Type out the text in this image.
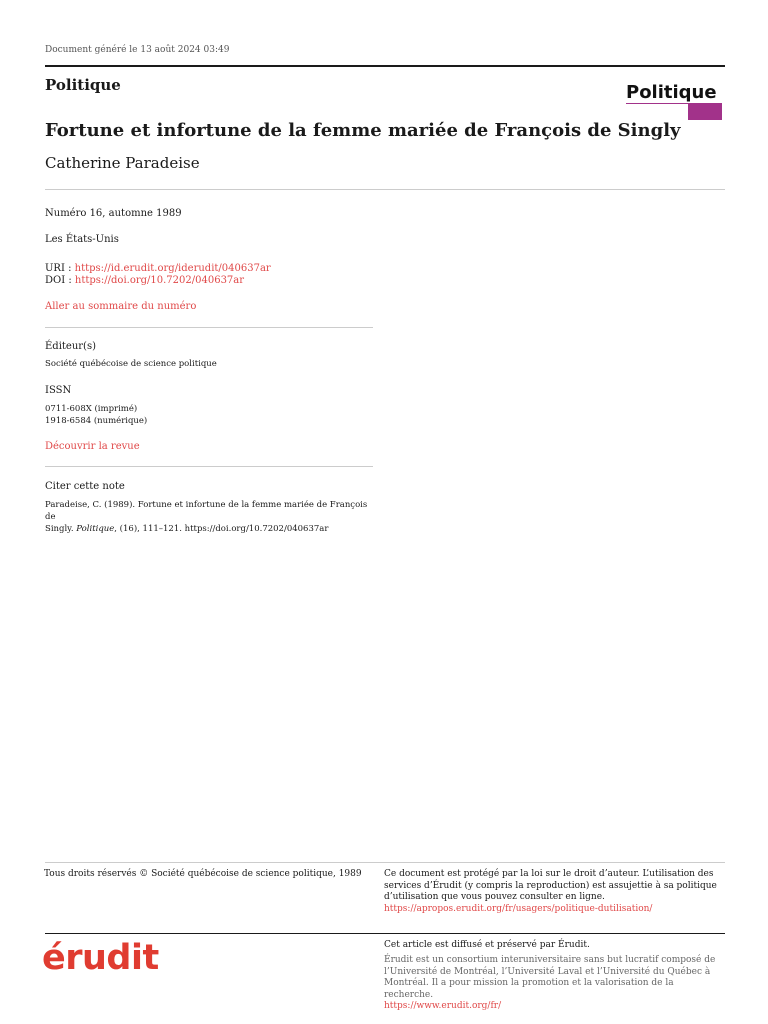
Document généré le 13 août 2024 03:49
Politique	Politique
Fortune et infortune de la femme mariée de François de Singly
Catherine Paradeise
Numéro 16, automne 1989
Les États-Unis
URI : https://id.erudit.org/iderudit/040637ar
DOI : https://doi.org/10.7202/040637ar
Aller au sommaire du numéro
Éditeur(s)
Société québécoise de science politique
ISSN
0711-608X (imprimé)
1918-6584 (numérique)
Découvrir la revue
Citer cette note
Paradeise, C. (1989). Fortune et infortune de la femme mariée de François de
Singly. Politique, (16), 111–121. https://doi.org/10.7202/040637ar
Tous droits réservés © Société québécoise de science politique, 1989 Ce document est protégé par la loi sur le droit d’auteur. L’utilisation des
services d’Érudit (y compris la reproduction) est assujettie à sa politique
d’utilisation que vous pouvez consulter en ligne.
https://apropos.erudit.org/fr/usagers/politique-dutilisation/
érudit	Cet article est diffusé et préservé par Érudit.
Érudit est un consortium interuniversitaire sans but lucratif composé de
l’Université de Montréal, l’Université Laval et l’Université du Québec à
Montréal. Il a pour mission la promotion et la valorisation de la recherche.
https://www.erudit.org/fr/
